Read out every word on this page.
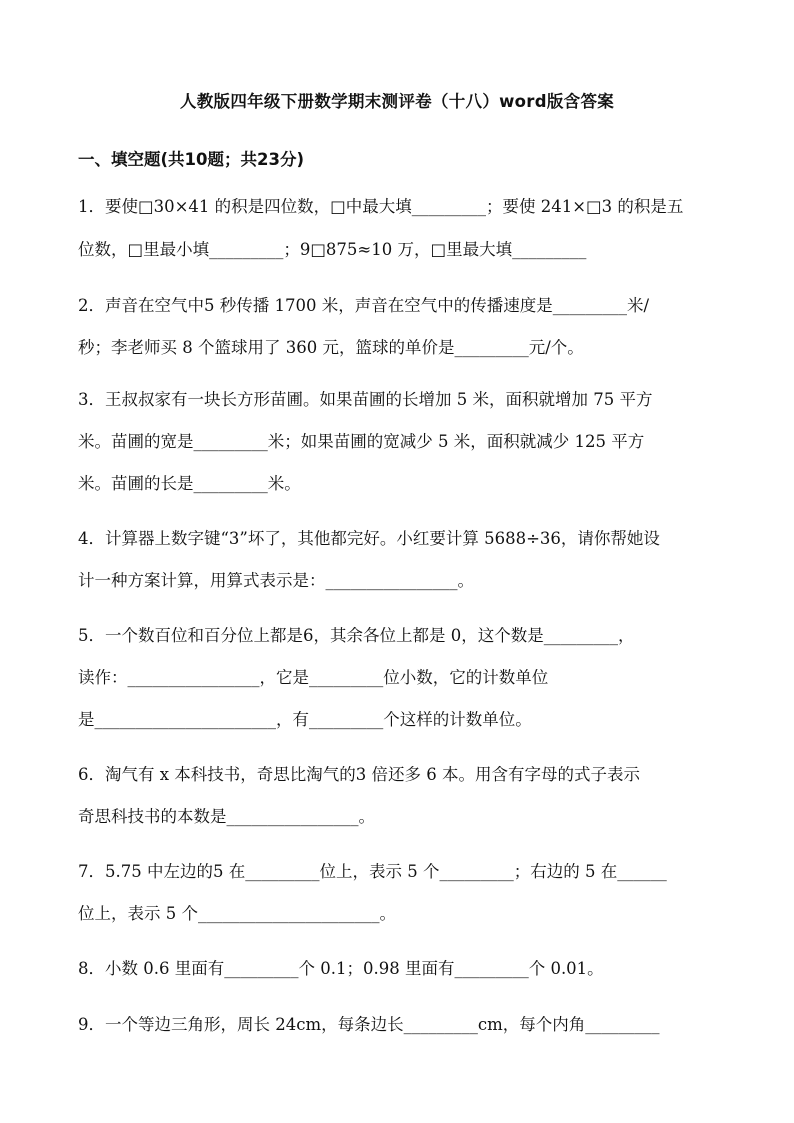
人教版四年级下册数学期末测评卷（十八）word版含答案
一、填空题(共10题；共23分)
1．要使□30×41 的积是四位数，□中最大填_________；要使 241×□3 的积是五
位数，□里最小填_________；9□875≈10 万，□里最大填_________
2．声音在空气中5 秒传播 1700 米，声音在空气中的传播速度是_________米/
秒；李老师买 8 个篮球用了 360 元，篮球的单价是_________元/个。
3．王叔叔家有一块长方形苗圃。如果苗圃的长增加 5 米，面积就增加 75 平方
米。苗圃的宽是_________米；如果苗圃的宽减少 5 米，面积就减少 125 平方
米。苗圃的长是_________米。
4．计算器上数字键“3”坏了，其他都完好。小红要计算 5688÷36，请你帮她设
计一种方案计算，用算式表示是：________________。
5．一个数百位和百分位上都是6，其余各位上都是 0，这个数是_________，
读作：________________，它是_________位小数，它的计数单位
是______________________，有_________个这样的计数单位。
6．淘气有 x 本科技书，奇思比淘气的3 倍还多 6 本。用含有字母的式子表示
奇思科技书的本数是________________。
7．5.75 中左边的5 在_________位上，表示 5 个_________；右边的 5 在______
位上，表示 5 个______________________。
8．小数 0.6 里面有_________个 0.1；0.98 里面有_________个 0.01。
9．一个等边三角形，周长 24cm，每条边长_________cm，每个内角_________
